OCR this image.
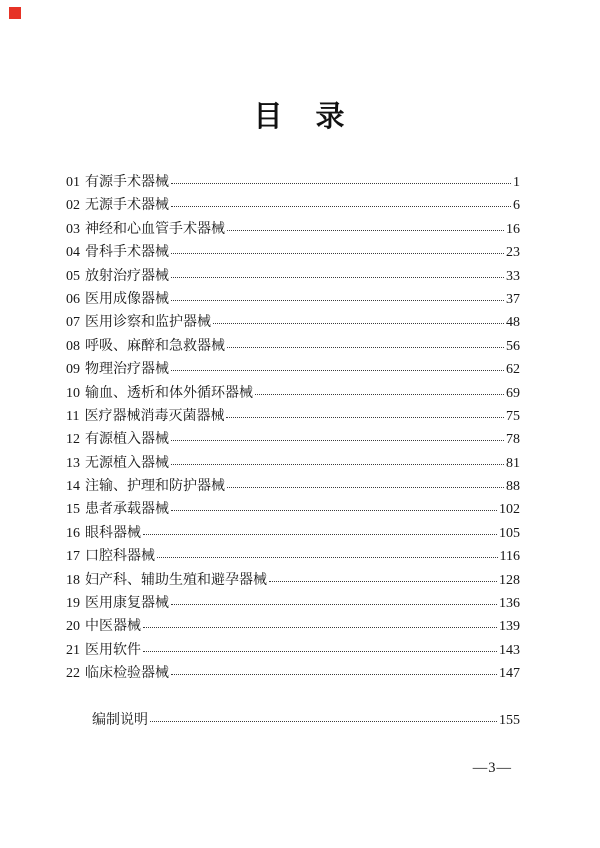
目　录
01 有源手术器械	1
02 无源手术器械	6
03 神经和心血管手术器械	16
04 骨科手术器械	23
05 放射治疗器械	33
06 医用成像器械	37
07 医用诊察和监护器械	48
08 呼吸、麻醉和急救器械	56
09 物理治疗器械	62
10 输血、透析和体外循环器械	69
11 医疗器械消毒灭菌器械	75
12 有源植入器械	78
13 无源植入器械	81
14 注输、护理和防护器械	88
15 患者承载器械	102
16 眼科器械	105
17 口腔科器械	116
18 妇产科、辅助生殖和避孕器械	128
19 医用康复器械	136
20 中医器械	139
21 医用软件	143
22 临床检验器械	147
编制说明	155
—3—
